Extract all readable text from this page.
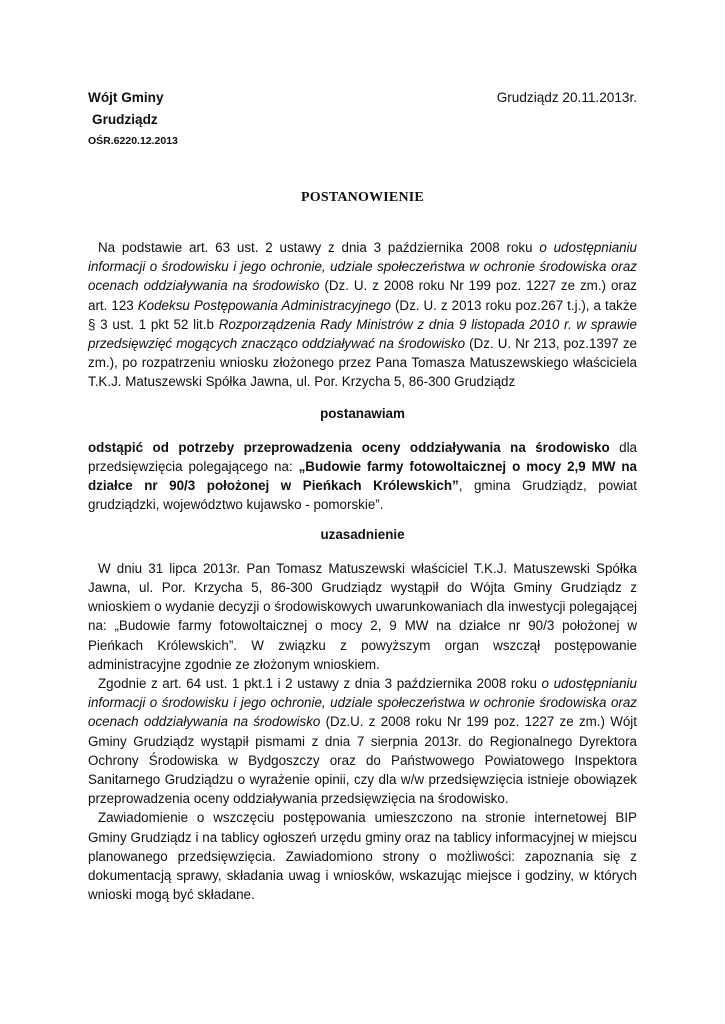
Wójt Gminy
Grudziądz
OŚR.6220.12.2013
Grudziądz 20.11.2013r.
POSTANOWIENIE

Na podstawie art. 63 ust. 2 ustawy z dnia 3 października 2008 roku o udostępnianiu informacji o środowisku i jego ochronie, udziale społeczeństwa w ochronie środowiska oraz ocenach oddziaływania na środowisko (Dz. U. z 2008 roku Nr 199 poz. 1227 ze zm.) oraz art. 123 Kodeksu Postępowania Administracyjnego (Dz. U. z 2013 roku poz.267 t.j.), a także § 3 ust. 1 pkt 52 lit.b Rozporządzenia Rady Ministrów z dnia 9 listopada 2010 r. w sprawie przedsięwzięć mogących znacząco oddziaływać na środowisko (Dz. U. Nr 213, poz.1397 ze zm.), po rozpatrzeniu wniosku złożonego przez Pana Tomasza Matuszewskiego właściciela T.K.J. Matuszewski Spółka Jawna, ul. Por. Krzycha 5, 86-300 Grudziądz

postanawiam

odstąpić od potrzeby przeprowadzenia oceny oddziaływania na środowisko dla przedsięwzięcia polegającego na: „Budowie farmy fotowoltaicznej o mocy 2,9 MW na działce nr 90/3 położonej w Pieńkach Królewskich”, gmina Grudziądz, powiat grudziądzki, województwo kujawsko - pomorskie”.

uzasadnienie

W dniu 31 lipca 2013r. Pan Tomasz Matuszewski właściciel T.K.J. Matuszewski Spółka Jawna, ul. Por. Krzycha 5, 86-300 Grudziądz wystąpił do Wójta Gminy Grudziądz z wnioskiem o wydanie decyzji o środowiskowych uwarunkowaniach dla inwestycji polegającej na: „Budowie farmy fotowoltaicznej o mocy 2, 9 MW na działce nr 90/3 położonej w Pieńkach Królewskich”. W związku z powyższym organ wszczął postępowanie administracyjne zgodnie ze złożonym wnioskiem.

Zgodnie z art. 64 ust. 1 pkt.1 i 2 ustawy z dnia 3 października 2008 roku o udostępnianiu informacji o środowisku i jego ochronie, udziale społeczeństwa w ochronie środowiska oraz ocenach oddziaływania na środowisko (Dz.U. z 2008 roku Nr 199 poz. 1227 ze zm.) Wójt Gminy Grudziądz wystąpił pismami z dnia 7 sierpnia 2013r. do Regionalnego Dyrektora Ochrony Środowiska w Bydgoszczy oraz do Państwowego Powiatowego Inspektora Sanitarnego Grudziądzu o wyrażenie opinii, czy dla w/w przedsięwzięcia istnieje obowiązek przeprowadzenia oceny oddziaływania przedsięwzięcia na środowisko.

Zawiadomienie o wszczęciu postępowania umieszczono na stronie internetowej BIP Gminy Grudziądz i na tablicy ogłoszeń urzędu gminy oraz na tablicy informacyjnej w miejscu planowanego przedsięwzięcia. Zawiadomiono strony o możliwości: zapoznania się z dokumentacją sprawy, składania uwag i wniosków, wskazując miejsce i godziny, w których wnioski mogą być składane.
